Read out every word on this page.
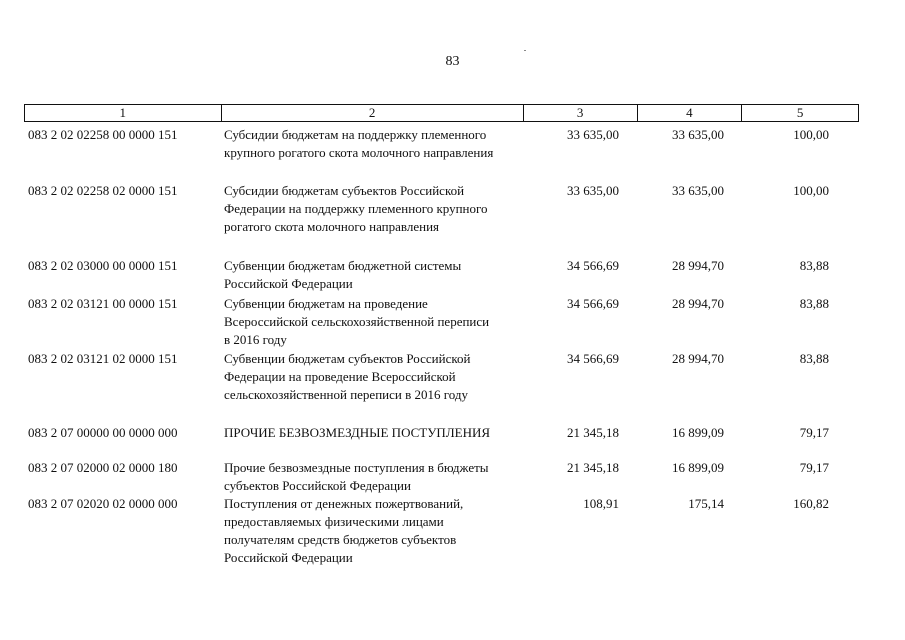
83
1	2	3	4	5
083 2 02 02258 00 0000 151	Субсидии бюджетам на поддержку племенного
крупного рогатого скота молочного направления
33 635,00	33 635,00	100,00
083 2 02 02258 02 0000 151	Субсидии бюджетам субъектов Российской
Федерации на поддержку племенного крупного
рогатого скота молочного направления
33 635,00	33 635,00	100,00
083 2 02 03000 00 0000 151	Субвенции бюджетам бюджетной системы
Российской Федерации
34 566,69	28 994,70	83,88
083 2 02 03121 00 0000 151	Субвенции бюджетам на проведение
Всероссийской сельскохозяйственной переписи
в 2016 году
34 566,69	28 994,70	83,88
083 2 02 03121 02 0000 151	Субвенции бюджетам субъектов Российской
Федерации на проведение Всероссийской
сельскохозяйственной переписи в 2016 году
34 566,69	28 994,70	83,88
083 2 07 00000 00 0000 000	ПРОЧИЕ БЕЗВОЗМЕЗДНЫЕ ПОСТУПЛЕНИЯ	21 345,18	16 899,09	79,17
083 2 07 02000 02 0000 180	Прочие безвозмездные поступления в бюджеты
субъектов Российской Федерации
21 345,18	16 899,09	79,17
083 2 07 02020 02 0000 000	Поступления от денежных пожертвований,
предоставляемых физическими лицами
получателям средств бюджетов субъектов
Российской Федерации
108,91	175,14	160,82
